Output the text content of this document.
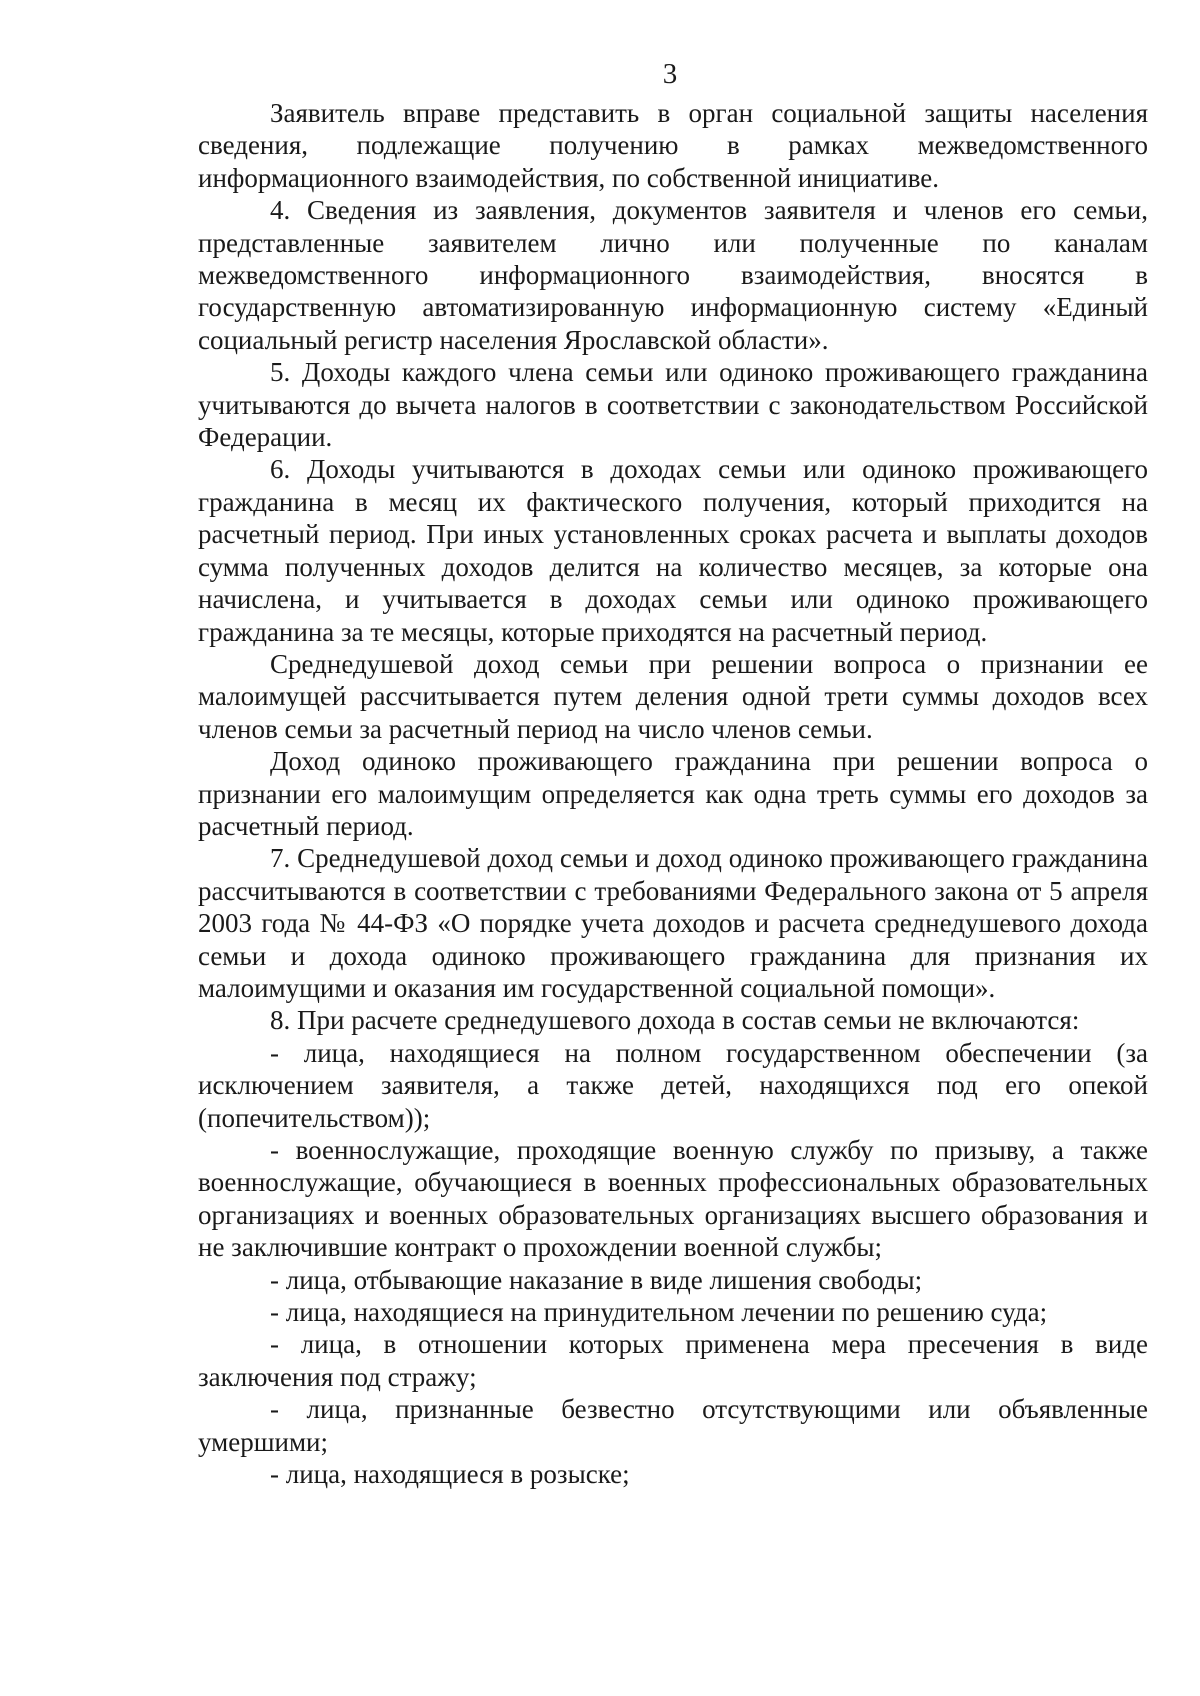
3

Заявитель вправе представить в орган социальной защиты населения сведения, подлежащие получению в рамках межведомственного информационного взаимодействия, по собственной инициативе.

4. Сведения из заявления, документов заявителя и членов его семьи, представленные заявителем лично или полученные по каналам межведомственного информационного взаимодействия, вносятся в государственную автоматизированную информационную систему «Единый социальный регистр населения Ярославской области».

5. Доходы каждого члена семьи или одиноко проживающего гражданина учитываются до вычета налогов в соответствии с законодательством Российской Федерации.

6. Доходы учитываются в доходах семьи или одиноко проживающего гражданина в месяц их фактического получения, который приходится на расчетный период. При иных установленных сроках расчета и выплаты доходов сумма полученных доходов делится на количество месяцев, за которые она начислена, и учитывается в доходах семьи или одиноко проживающего гражданина за те месяцы, которые приходятся на расчетный период.

Среднедушевой доход семьи при решении вопроса о признании ее малоимущей рассчитывается путем деления одной трети суммы доходов всех членов семьи за расчетный период на число членов семьи.

Доход одиноко проживающего гражданина при решении вопроса о признании его малоимущим определяется как одна треть суммы его доходов за расчетный период.

7. Среднедушевой доход семьи и доход одиноко проживающего гражданина рассчитываются в соответствии с требованиями Федерального закона от 5 апреля 2003 года № 44-ФЗ «О порядке учета доходов и расчета среднедушевого дохода семьи и дохода одиноко проживающего гражданина для признания их малоимущими и оказания им государственной социальной помощи».

8. При расчете среднедушевого дохода в состав семьи не включаются:

- лица, находящиеся на полном государственном обеспечении (за исключением заявителя, а также детей, находящихся под его опекой (попечительством));

- военнослужащие, проходящие военную службу по призыву, а также военнослужащие, обучающиеся в военных профессиональных образовательных организациях и военных образовательных организациях высшего образования и не заключившие контракт о прохождении военной службы;

- лица, отбывающие наказание в виде лишения свободы;

- лица, находящиеся на принудительном лечении по решению суда;

- лица, в отношении которых применена мера пресечения в виде заключения под стражу;

- лица, признанные безвестно отсутствующими или объявленные умершими;

- лица, находящиеся в розыске;
